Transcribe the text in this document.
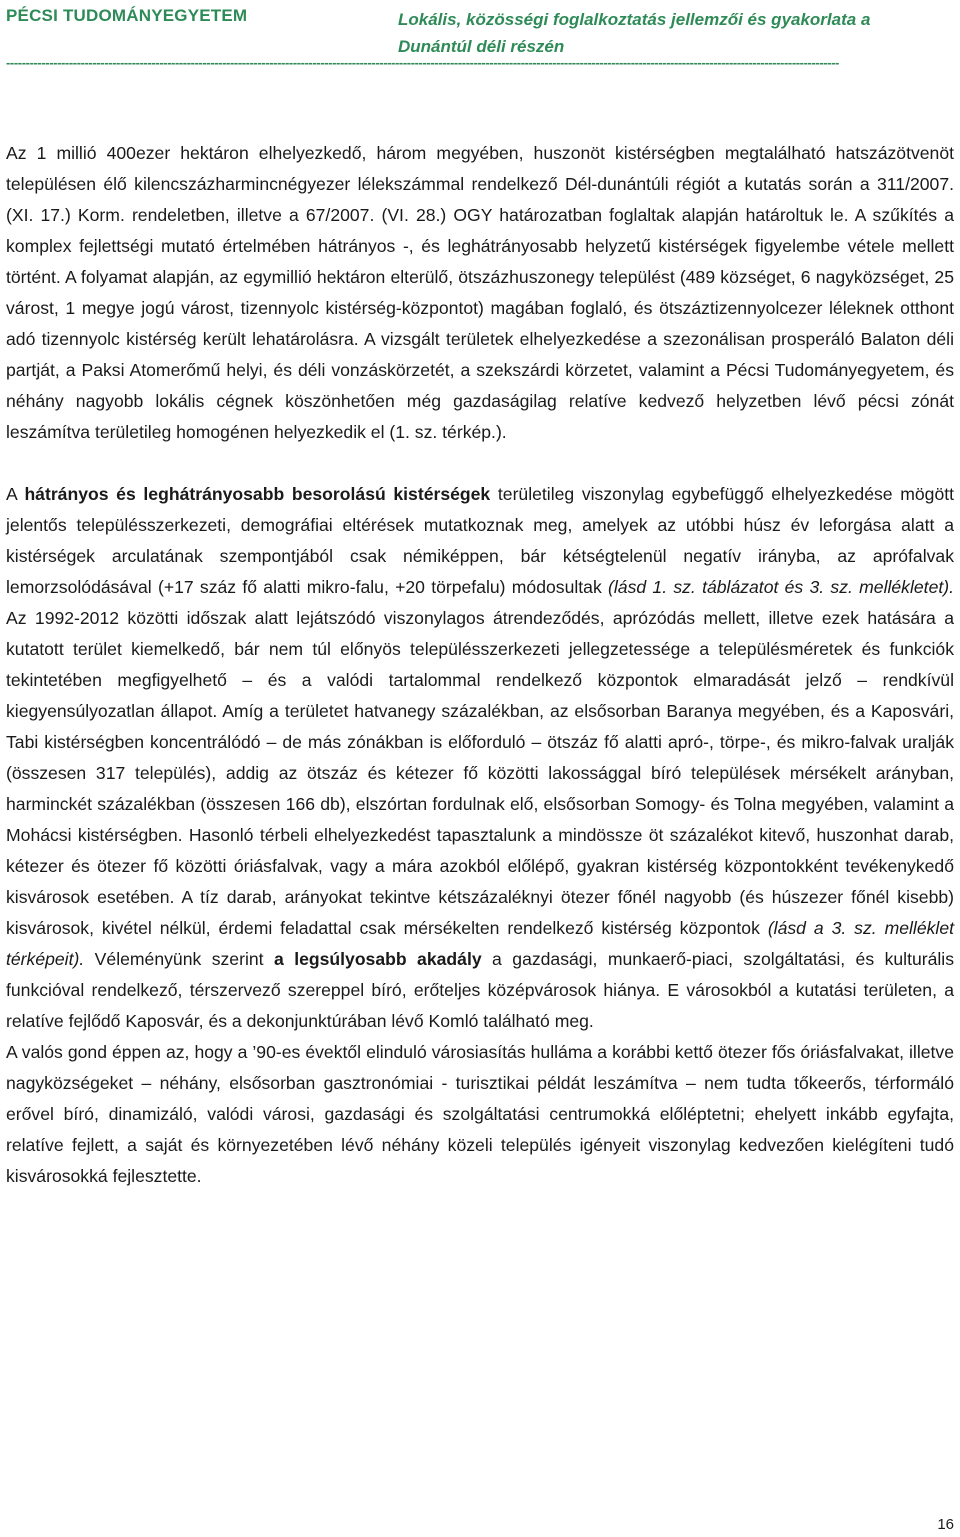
PÉCSI TUDOMÁNYEGYETEM	Lokális, közösségi foglalkoztatás jellemzői és gyakorlata a Dunántúl déli részén
--------------------------------------------------------------------------------------------------------------------------------------------------------------------------------------------------------------------

Az 1 millió 400ezer hektáron elhelyezkedő, három megyében, huszonöt kistérségben megtalálható hatszázötvenöt településen élő kilencszázharmincnégyezer lélekszámmal rendelkező Dél-dunántúli régiót a kutatás során a 311/2007. (XI. 17.) Korm. rendeletben, illetve a 67/2007. (VI. 28.) OGY határozatban foglaltak alapján határoltuk le. A szűkítés a komplex fejlettségi mutató értelmében hátrányos -, és leghátrányosabb helyzetű kistérségek figyelembe vétele mellett történt. A folyamat alapján, az egymillió hektáron elterülő, ötszázhuszonegy települést (489 községet, 6 nagyközséget, 25 várost, 1 megye jogú várost, tizennyolc kistérség-központot) magában foglaló, és ötszáztizennyolcezer léleknek otthont adó tizennyolc kistérség került lehatárolásra. A vizsgált területek elhelyezkedése a szezonálisan prosperáló Balaton déli partját, a Paksi Atomerőmű helyi, és déli vonzáskörzetét, a szekszárdi körzetet, valamint a Pécsi Tudományegyetem, és néhány nagyobb lokális cégnek köszönhetően még gazdaságilag relatíve kedvező helyzetben lévő pécsi zónát leszámítva területileg homogénen helyezkedik el (1. sz. térkép.).

A hátrányos és leghátrányosabb besorolású kistérségek területileg viszonylag egybefüggő elhelyezkedése mögött jelentős településszerkezeti, demográfiai eltérések mutatkoznak meg, amelyek az utóbbi húsz év leforgása alatt a kistérségek arculatának szempontjából csak némiképpen, bár kétségtelenül negatív irányba, az aprófalvak lemorzsolódásával (+17 száz fő alatti mikro-falu, +20 törpefalu) módosultak (lásd 1. sz. táblázatot és 3. sz. mellékletet). Az 1992-2012 közötti időszak alatt lejátszódó viszonylagos átrendeződés, aprózódás mellett, illetve ezek hatására a kutatott terület kiemelkedő, bár nem túl előnyös településszerkezeti jellegzetessége a településméretek és funkciók tekintetében megfigyelhető – és a valódi tartalommal rendelkező központok elmaradását jelző – rendkívül kiegyensúlyozatlan állapot. Amíg a területet hatvanegy százalékban, az elsősorban Baranya megyében, és a Kaposvári, Tabi kistérségben koncentrálódó – de más zónákban is előforduló – ötszáz fő alatti apró-, törpe-, és mikro-falvak uralják (összesen 317 település), addig az ötszáz és kétezer fő közötti lakossággal bíró települések mérsékelt arányban, harminckét százalékban (összesen 166 db), elszórtan fordulnak elő, elsősorban Somogy- és Tolna megyében, valamint a Mohácsi kistérségben. Hasonló térbeli elhelyezkedést tapasztalunk a mindössze öt százalékot kitevő, huszonhat darab, kétezer és ötezer fő közötti óriásfalvak, vagy a mára azokból előlépő, gyakran kistérség központokként tevékenykedő kisvárosok esetében. A tíz darab, arányokat tekintve kétszázaléknyi ötezer főnél nagyobb (és húszezer főnél kisebb) kisvárosok, kivétel nélkül, érdemi feladattal csak mérsékelten rendelkező kistérség központok (lásd a 3. sz. melléklet térképeit). Véleményünk szerint a legsúlyosabb akadály a gazdasági, munkaerő-piaci, szolgáltatási, és kulturális funkcióval rendelkező, térszervező szereppel bíró, erőteljes középvárosok hiánya. E városokból a kutatási területen, a relatíve fejlődő Kaposvár, és a dekonjunktúrában lévő Komló található meg.

A valós gond éppen az, hogy a ’90-es évektől elinduló városiasítás hulláma a korábbi kettő ötezer fős óriásfalvakat, illetve nagyközségeket – néhány, elsősorban gasztronómiai - turisztikai példát leszámítva – nem tudta tőkeerős, térformáló erővel bíró, dinamizáló, valódi városi, gazdasági és szolgáltatási centrumokká előléptetni; ehelyett inkább egyfajta, relatíve fejlett, a saját és környezetében lévő néhány közeli település igényeit viszonylag kedvezően kielégíteni tudó kisvárosokká fejlesztette.

16
